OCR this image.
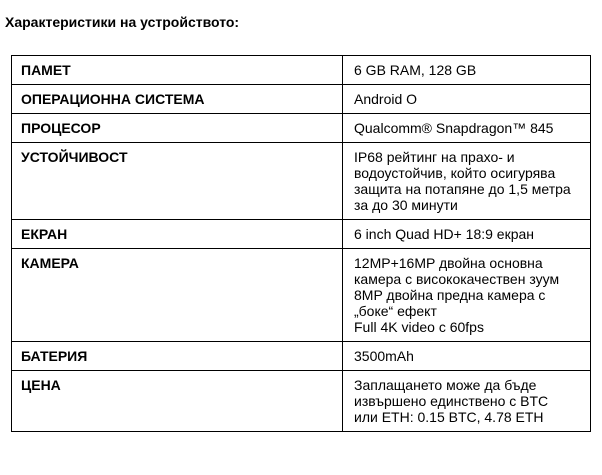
Характеристики на устройството:
ПАМЕТ	6 GB RAM, 128 GB

ОПЕРАЦИОННА СИСТЕМА	Android O

ПРОЦЕСОР	Qualcomm® Snapdragon™ 845

УСТОЙЧИВОСТ	IP68 рейтинг на прахо- и
водоустойчив, който осигурява
защита на потапяне до 1,5 метра
за до 30 минути

ЕКРАН	6 inch Quad HD+ 18:9 екран

КАМЕРА	12MP+16MP двойна основна
камера с висококачествен зуум
8MP двойна предна камера с
„боке“ ефект
Full 4K video с 60fps

БАТЕРИЯ	3500mAh

ЦЕНА	Заплащането може да бъде
извършено единствено с BTC
или ETH: 0.15 BTC, 4.78 ETH
